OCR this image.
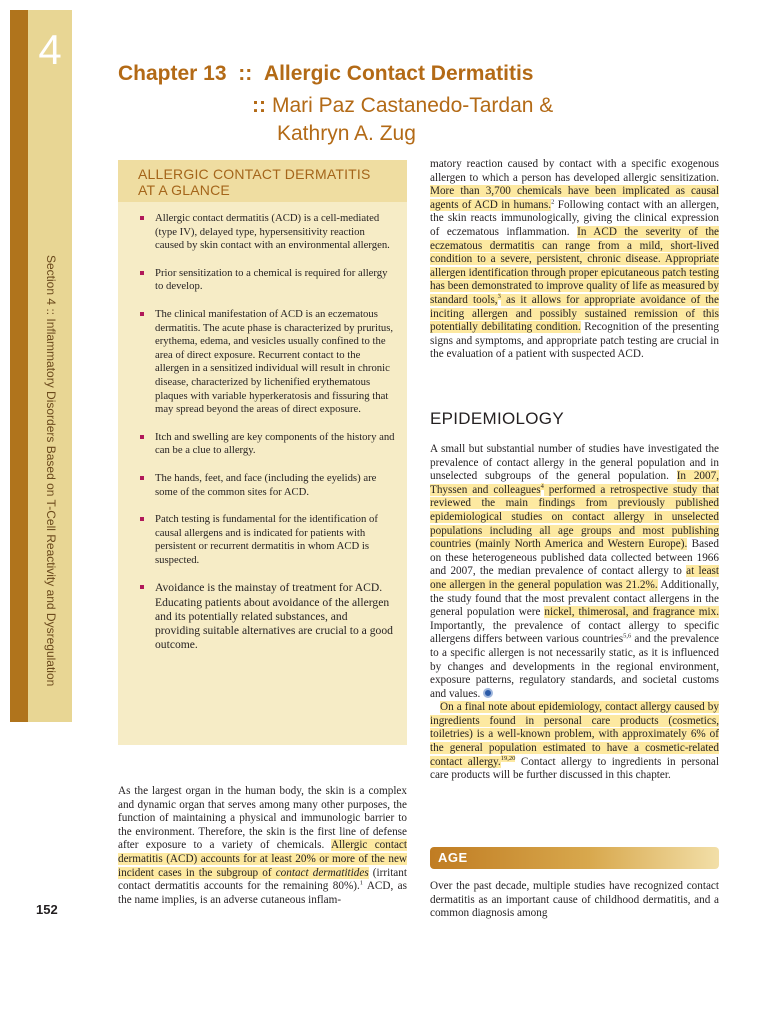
4
Section 4 :: Inflammatory Disorders Based on T-Cell Reactivity and Dysregulation
Chapter 13 :: Allergic Contact Dermatitis
:: Mari Paz Castanedo-Tardan &
Kathryn A. Zug
ALLERGIC CONTACT DERMATITIS
AT A GLANCE
Allergic contact dermatitis (ACD) is a cell-mediated (type IV), delayed type, hypersensitivity reaction caused by skin contact with an environmental allergen.
Prior sensitization to a chemical is required for allergy to develop.
The clinical manifestation of ACD is an eczematous dermatitis. The acute phase is characterized by pruritus, erythema, edema, and vesicles usually confined to the area of direct exposure. Recurrent contact to the allergen in a sensitized individual will result in chronic disease, characterized by lichenified erythematous plaques with variable hyperkeratosis and fissuring that may spread beyond the areas of direct exposure.
Itch and swelling are key components of the history and can be a clue to allergy.
The hands, feet, and face (including the eyelids) are some of the common sites for ACD.
Patch testing is fundamental for the identification of causal allergens and is indicated for patients with persistent or recurrent dermatitis in whom ACD is suspected.
Avoidance is the mainstay of treatment for ACD. Educating patients about avoidance of the allergen and its potentially related substances, and providing suitable alternatives are crucial to a good outcome.
As the largest organ in the human body, the skin is a complex and dynamic organ that serves among many other purposes, the function of maintaining a physical and immunologic barrier to the environment. Therefore, the skin is the first line of defense after exposure to a variety of chemicals. Allergic contact dermatitis (ACD) accounts for at least 20% or more of the new incident cases in the subgroup of contact dermatitides (irritant contact dermatitis accounts for the remaining 80%).$^1$ ACD, as the name implies, is an adverse cutaneous inflam-
matory reaction caused by contact with a specific exogenous allergen to which a person has developed allergic sensitization. More than 3,700 chemicals have been implicated as causal agents of ACD in humans.$^2$ Following contact with an allergen, the skin reacts immunologically, giving the clinical expression of eczematous inflammation. In ACD the severity of the eczematous dermatitis can range from a mild, short-lived condition to a severe, persistent, chronic disease. Appropriate allergen identification through proper epicutaneous patch testing has been demonstrated to improve quality of life as measured by standard tools,$^3$ as it allows for appropriate avoidance of the inciting allergen and possibly sustained remission of this potentially debilitating condition. Recognition of the presenting signs and symptoms, and appropriate patch testing are crucial in the evaluation of a patient with suspected ACD.
EPIDEMIOLOGY
A small but substantial number of studies have investigated the prevalence of contact allergy in the general population and in unselected subgroups of the general population. In 2007, Thyssen and colleagues$^4$ performed a retrospective study that reviewed the main findings from previously published epidemiological studies on contact allergy in unselected populations including all age groups and most publishing countries (mainly North America and Western Europe). Based on these heterogeneous published data collected between 1966 and 2007, the median prevalence of contact allergy to at least one allergen in the general population was 21.2%. Additionally, the study found that the most prevalent contact allergens in the general population were nickel, thimerosal, and fragrance mix. Importantly, the prevalence of contact allergy to specific allergens differs between various countries$^{5,6}$ and the prevalence to a specific allergen is not necessarily static, as it is influenced by changes and developments in the regional environment, exposure patterns, regulatory standards, and societal customs and values.
On a final note about epidemiology, contact allergy caused by ingredients found in personal care products (cosmetics, toiletries) is a well-known problem, with approximately 6% of the general population estimated to have a cosmetic-related contact allergy.$^{19,20}$ Contact allergy to ingredients in personal care products will be further discussed in this chapter.
AGE
Over the past decade, multiple studies have recognized contact dermatitis as an important cause of childhood dermatitis, and a common diagnosis among
152
